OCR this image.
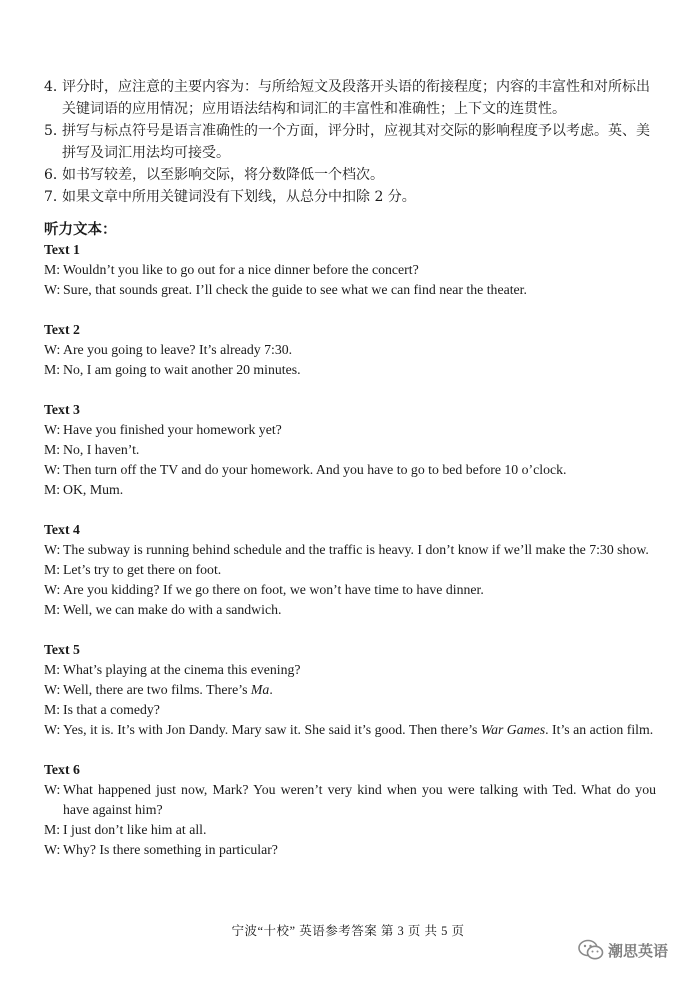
4．
评分时，应注意的主要内容为：与所给短文及段落开头语的衔接程度；内容的丰富性和对所标出关键词语的应用情况；应用语法结构和词汇的丰富性和准确性；上下文的连贯性。
5．
拼写与标点符号是语言准确性的一个方面，评分时，应视其对交际的影响程度予以考虑。英、美拼写及词汇用法均可接受。
6．
如书写较差，以至影响交际，将分数降低一个档次。
7．
如果文章中所用关键词没有下划线，从总分中扣除 2 分。
听力文本：
Text 1
M: Wouldn’t you like to go out for a nice dinner before the concert?
W: Sure, that sounds great. I’ll check the guide to see what we can find near the theater.
Text 2
W: Are you going to leave? It’s already 7:30.
M: No, I am going to wait another 20 minutes.
Text 3
W: Have you finished your homework yet?
M: No, I haven’t.
W: Then turn off the TV and do your homework. And you have to go to bed before 10 o’clock.
M: OK, Mum.
Text 4
W: The subway is running behind schedule and the traffic is heavy. I don’t know if we’ll make the 7:30 show.
M: Let’s try to get there on foot.
W: Are you kidding? If we go there on foot, we won’t have time to have dinner.
M: Well, we can make do with a sandwich.
Text 5
M: What’s playing at the cinema this evening?
W: Well, there are two films. There’s Ma.
M: Is that a comedy?
W: Yes, it is. It’s with Jon Dandy. Mary saw it. She said it’s good. Then there’s War Games. It’s an action film.
Text 6
W: What happened just now, Mark? You weren’t very kind when you were talking with Ted. What do you have against him?
M: I just don’t like him at all.
W: Why? Is there something in particular?
宁波“十校” 英语参考答案 第 3 页 共 5 页
潮思英语
